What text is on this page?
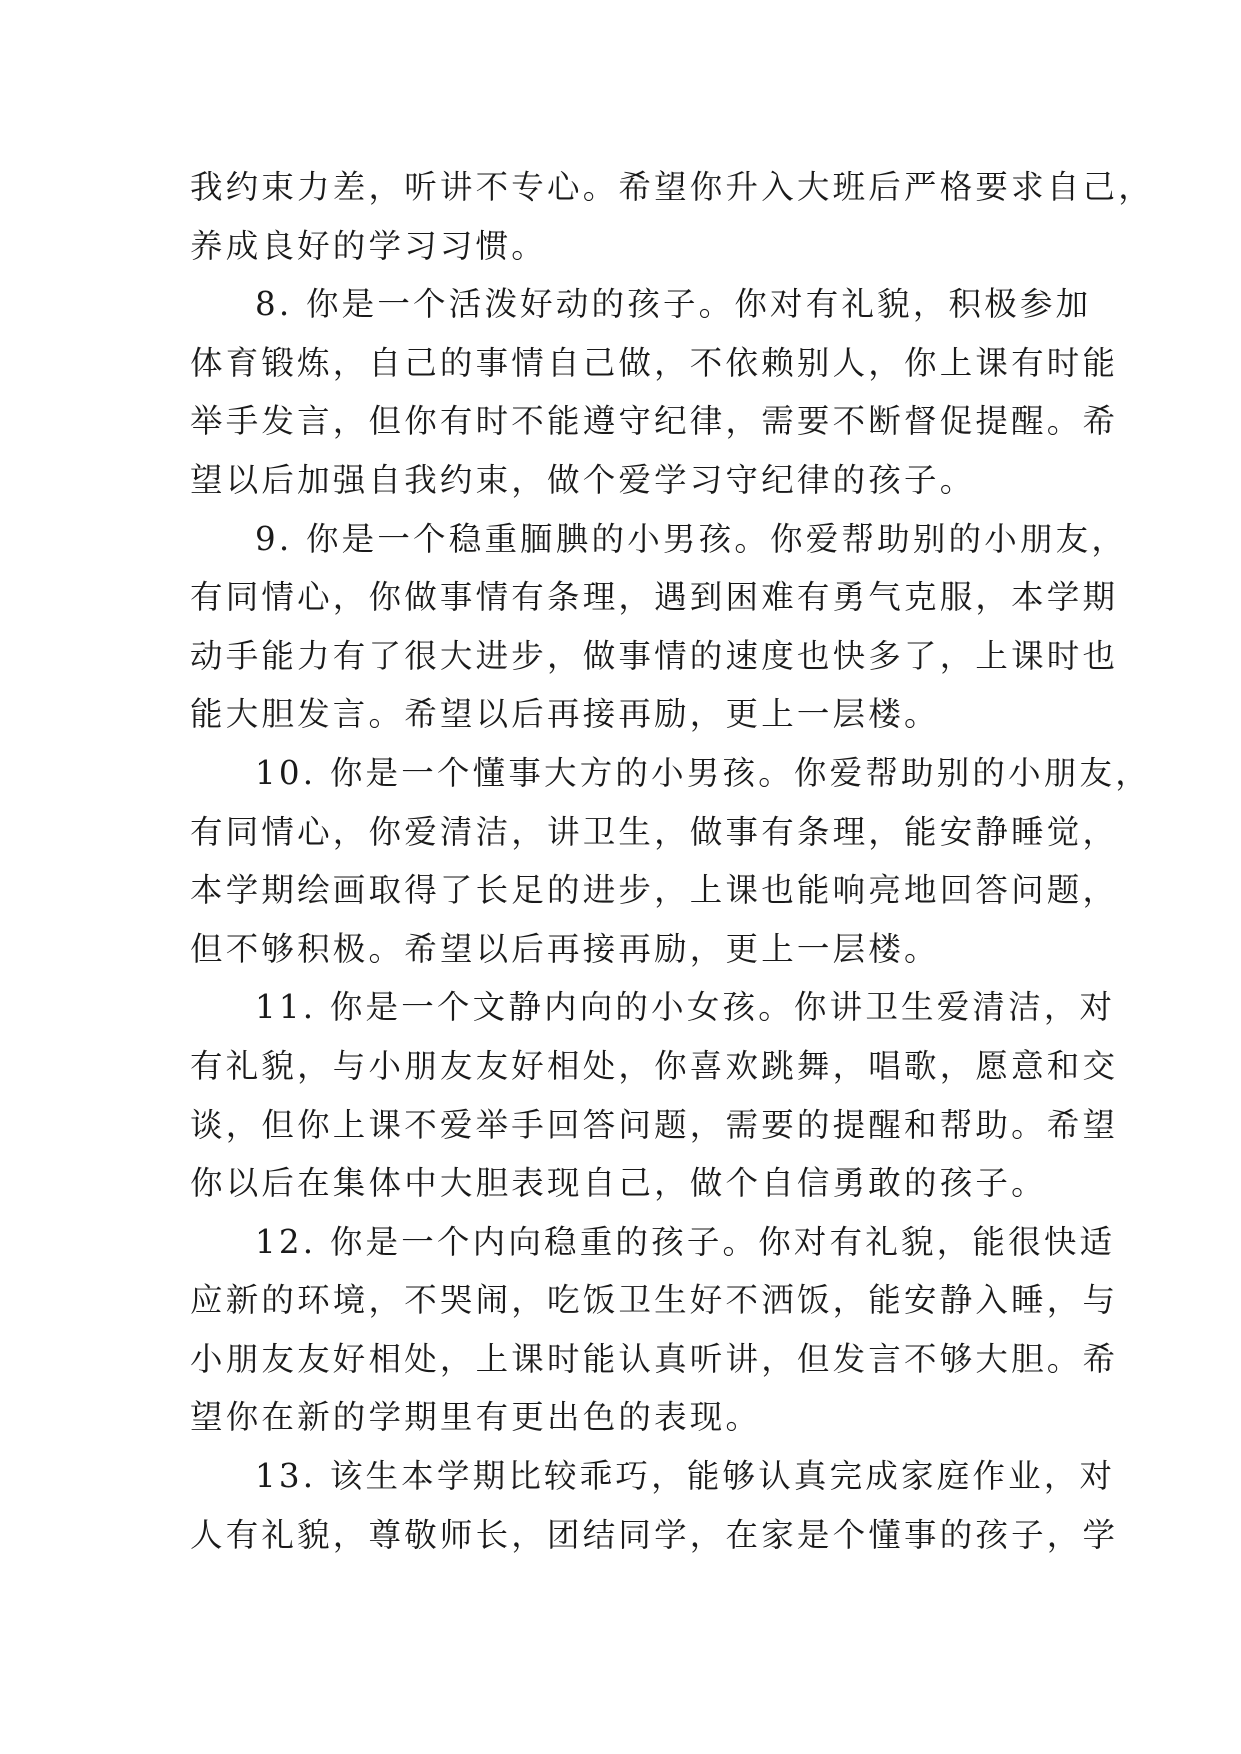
我约束力差，听讲不专心。希望你升入大班后严格要求自己，
养成良好的学习习惯。
8. 你是一个活泼好动的孩子。你对有礼貌，积极参加
体育锻炼，自己的事情自己做，不依赖别人，你上课有时能
举手发言，但你有时不能遵守纪律，需要不断督促提醒。希
望以后加强自我约束，做个爱学习守纪律的孩子。
9. 你是一个稳重腼腆的小男孩。你爱帮助别的小朋友，
有同情心，你做事情有条理，遇到困难有勇气克服，本学期
动手能力有了很大进步，做事情的速度也快多了，上课时也
能大胆发言。希望以后再接再励，更上一层楼。
10. 你是一个懂事大方的小男孩。你爱帮助别的小朋友，
有同情心，你爱清洁，讲卫生，做事有条理，能安静睡觉，
本学期绘画取得了长足的进步，上课也能响亮地回答问题，
但不够积极。希望以后再接再励，更上一层楼。
11. 你是一个文静内向的小女孩。你讲卫生爱清洁，对
有礼貌，与小朋友友好相处，你喜欢跳舞，唱歌，愿意和交
谈，但你上课不爱举手回答问题，需要的提醒和帮助。希望
你以后在集体中大胆表现自己，做个自信勇敢的孩子。
12. 你是一个内向稳重的孩子。你对有礼貌，能很快适
应新的环境，不哭闹，吃饭卫生好不洒饭，能安静入睡，与
小朋友友好相处，上课时能认真听讲，但发言不够大胆。希
望你在新的学期里有更出色的表现。
13. 该生本学期比较乖巧，能够认真完成家庭作业，对
人有礼貌，尊敬师长，团结同学，在家是个懂事的孩子，学
